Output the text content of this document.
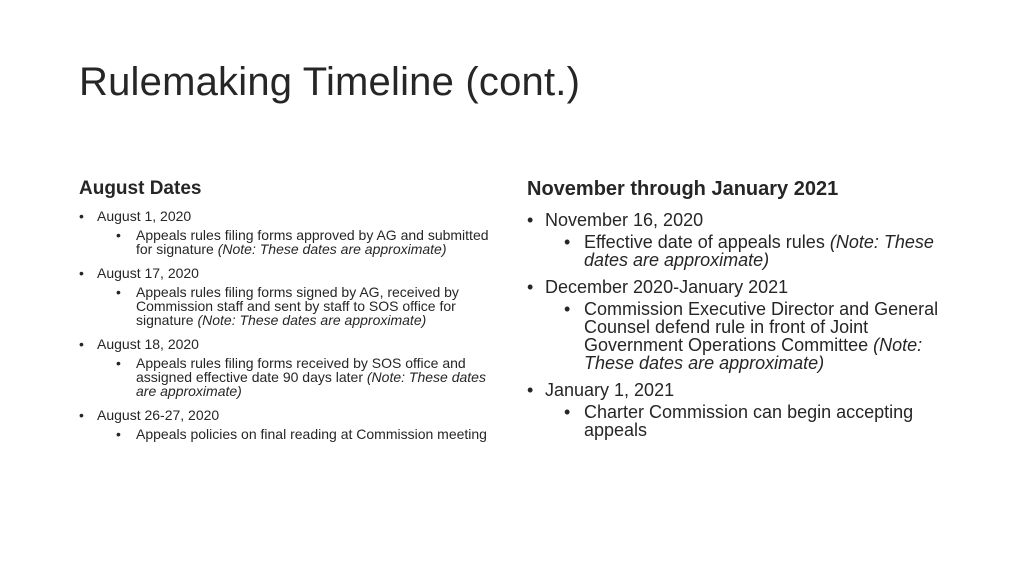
Rulemaking Timeline (cont.)
August Dates
• August 1, 2020
• Appeals rules filing forms approved by AG and submitted for signature (Note: These dates are approximate)
• August 17, 2020
• Appeals rules filing forms signed by AG, received by Commission staff and sent by staff to SOS office for signature (Note: These dates are approximate)
• August 18, 2020
• Appeals rules filing forms received by SOS office and assigned effective date 90 days later (Note: These dates are approximate)
• August 26-27, 2020
• Appeals policies on final reading at Commission meeting
November through January 2021
• November 16, 2020
• Effective date of appeals rules (Note: These dates are approximate)
• December 2020-January 2021
• Commission Executive Director and General Counsel defend rule in front of Joint Government Operations Committee (Note: These dates are approximate)
• January 1, 2021
• Charter Commission can begin accepting appeals
